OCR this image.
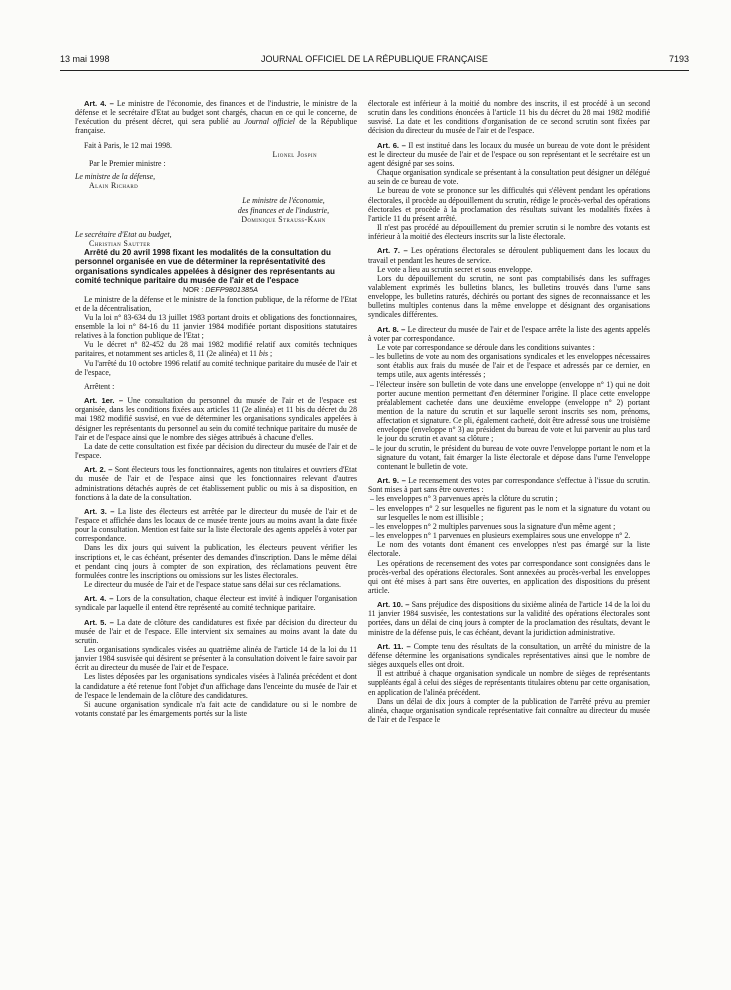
13 mai 1998	JOURNAL OFFICIEL DE LA RÉPUBLIQUE FRANÇAISE	7193

Art. 4. – Le ministre de l'économie, des finances et de l'industrie, le ministre de la défense et le secrétaire d'Etat au budget sont chargés, chacun en ce qui le concerne, de l'exécution du présent décret, qui sera publié au Journal officiel de la République française.

Fait à Paris, le 12 mai 1998.

Lionel Jospin

Par le Premier ministre :

Le ministre de la défense,

Alain Richard

Le ministre de l'économie,

des finances et de l'industrie,

Dominique Strauss-Kahn

Le secrétaire d'Etat au budget,

Christian Sautter

Arrêté du 20 avril 1998 fixant les modalités de la consultation du personnel organisée en vue de déterminer la représentativité des organisations syndicales appelées à désigner des représentants au comité technique paritaire du musée de l'air et de l'espace

NOR : DEFP9801385A

Le ministre de la défense et le ministre de la fonction publique, de la réforme de l'Etat et de la décentralisation,

Vu la loi n° 83-634 du 13 juillet 1983 portant droits et obligations des fonctionnaires, ensemble la loi n° 84-16 du 11 janvier 1984 modifiée portant dispositions statutaires relatives à la fonction publique de l'Etat ;

Vu le décret n° 82-452 du 28 mai 1982 modifié relatif aux comités techniques paritaires, et notamment ses articles 8, 11 (2e alinéa) et 11 bis ;

Vu l'arrêté du 10 octobre 1996 relatif au comité technique paritaire du musée de l'air et de l'espace,

Arrêtent :

Art. 1er. – Une consultation du personnel du musée de l'air et de l'espace est organisée, dans les conditions fixées aux articles 11 (2e alinéa) et 11 bis du décret du 28 mai 1982 modifié susvisé, en vue de déterminer les organisations syndicales appelées à désigner les représentants du personnel au sein du comité technique paritaire du musée de l'air et de l'espace ainsi que le nombre des sièges attribués à chacune d'elles.

La date de cette consultation est fixée par décision du directeur du musée de l'air et de l'espace.

Art. 2. – Sont électeurs tous les fonctionnaires, agents non titulaires et ouvriers d'Etat du musée de l'air et de l'espace ainsi que les fonctionnaires relevant d'autres administrations détachés auprès de cet établissement public ou mis à sa disposition, en fonctions à la date de la consultation.

Art. 3. – La liste des électeurs est arrêtée par le directeur du musée de l'air et de l'espace et affichée dans les locaux de ce musée trente jours au moins avant la date fixée pour la consultation. Mention est faite sur la liste électorale des agents appelés à voter par correspondance.

Dans les dix jours qui suivent la publication, les électeurs peuvent vérifier les inscriptions et, le cas échéant, présenter des demandes d'inscription. Dans le même délai et pendant cinq jours à compter de son expiration, des réclamations peuvent être formulées contre les inscriptions ou omissions sur les listes électorales.

Le directeur du musée de l'air et de l'espace statue sans délai sur ces réclamations.

Art. 4. – Lors de la consultation, chaque électeur est invité à indiquer l'organisation syndicale par laquelle il entend être représenté au comité technique paritaire.

Art. 5. – La date de clôture des candidatures est fixée par décision du directeur du musée de l'air et de l'espace. Elle intervient six semaines au moins avant la date du scrutin.

Les organisations syndicales visées au quatrième alinéa de l'article 14 de la loi du 11 janvier 1984 susvisée qui désirent se présenter à la consultation doivent le faire savoir par écrit au directeur du musée de l'air et de l'espace.

Les listes déposées par les organisations syndicales visées à l'alinéa précédent et dont la candidature a été retenue font l'objet d'un affichage dans l'enceinte du musée de l'air et de l'espace le lendemain de la clôture des candidatures.

Si aucune organisation syndicale n'a fait acte de candidature ou si le nombre de votants constaté par les émargements portés sur la liste

électorale est inférieur à la moitié du nombre des inscrits, il est procédé à un second scrutin dans les conditions énoncées à l'article 11 bis du décret du 28 mai 1982 modifié susvisé. La date et les conditions d'organisation de ce second scrutin sont fixées par décision du directeur du musée de l'air et de l'espace.

Art. 6. – Il est institué dans les locaux du musée un bureau de vote dont le président est le directeur du musée de l'air et de l'espace ou son représentant et le secrétaire est un agent désigné par ses soins.

Chaque organisation syndicale se présentant à la consultation peut désigner un délégué au sein de ce bureau de vote.

Le bureau de vote se prononce sur les difficultés qui s'élèvent pendant les opérations électorales, il procède au dépouillement du scrutin, rédige le procès-verbal des opérations électorales et procède à la proclamation des résultats suivant les modalités fixées à l'article 11 du présent arrêté.

Il n'est pas procédé au dépouillement du premier scrutin si le nombre des votants est inférieur à la moitié des électeurs inscrits sur la liste électorale.

Art. 7. – Les opérations électorales se déroulent publiquement dans les locaux du travail et pendant les heures de service.

Le vote a lieu au scrutin secret et sous enveloppe.

Lors du dépouillement du scrutin, ne sont pas comptabilisés dans les suffrages valablement exprimés les bulletins blancs, les bulletins trouvés dans l'urne sans enveloppe, les bulletins raturés, déchirés ou portant des signes de reconnaissance et les bulletins multiples contenus dans la même enveloppe et désignant des organisations syndicales différentes.

Art. 8. – Le directeur du musée de l'air et de l'espace arrête la liste des agents appelés à voter par correspondance.

Le vote par correspondance se déroule dans les conditions suivantes :

– les bulletins de vote au nom des organisations syndicales et les enveloppes nécessaires sont établis aux frais du musée de l'air et de l'espace et adressés par ce dernier, en temps utile, aux agents intéressés ;
– l'électeur insère son bulletin de vote dans une enveloppe (enveloppe n° 1) qui ne doit porter aucune mention permettant d'en déterminer l'origine. Il place cette enveloppe préalablement cachetée dans une deuxième enveloppe (enveloppe n° 2) portant mention de la nature du scrutin et sur laquelle seront inscrits ses nom, prénoms, affectation et signature. Ce pli, également cacheté, doit être adressé sous une troisième enveloppe (enveloppe n° 3) au président du bureau de vote et lui parvenir au plus tard le jour du scrutin et avant sa clôture ;
– le jour du scrutin, le président du bureau de vote ouvre l'enveloppe portant le nom et la signature du votant, fait émarger la liste électorale et dépose dans l'urne l'enveloppe contenant le bulletin de vote.

Art. 9. – Le recensement des votes par correspondance s'effectue à l'issue du scrutin. Sont mises à part sans être ouvertes :

– les enveloppes n° 3 parvenues après la clôture du scrutin ;
– les enveloppes n° 2 sur lesquelles ne figurent pas le nom et la signature du votant ou sur lesquelles le nom est illisible ;
– les enveloppes n° 2 multiples parvenues sous la signature d'un même agent ;
– les enveloppes n° 1 parvenues en plusieurs exemplaires sous une enveloppe n° 2.

Le nom des votants dont émanent ces enveloppes n'est pas émargé sur la liste électorale.

Les opérations de recensement des votes par correspondance sont consignées dans le procès-verbal des opérations électorales. Sont annexées au procès-verbal les enveloppes qui ont été mises à part sans être ouvertes, en application des dispositions du présent article.

Art. 10. – Sans préjudice des dispositions du sixième alinéa de l'article 14 de la loi du 11 janvier 1984 susvisée, les contestations sur la validité des opérations électorales sont portées, dans un délai de cinq jours à compter de la proclamation des résultats, devant le ministre de la défense puis, le cas échéant, devant la juridiction administrative.

Art. 11. – Compte tenu des résultats de la consultation, un arrêté du ministre de la défense détermine les organisations syndicales représentatives ainsi que le nombre de sièges auxquels elles ont droit.

Il est attribué à chaque organisation syndicale un nombre de sièges de représentants suppléants égal à celui des sièges de représentants titulaires obtenu par cette organisation, en application de l'alinéa précédent.

Dans un délai de dix jours à compter de la publication de l'arrêté prévu au premier alinéa, chaque organisation syndicale représentative fait connaître au directeur du musée de l'air et de l'espace le
